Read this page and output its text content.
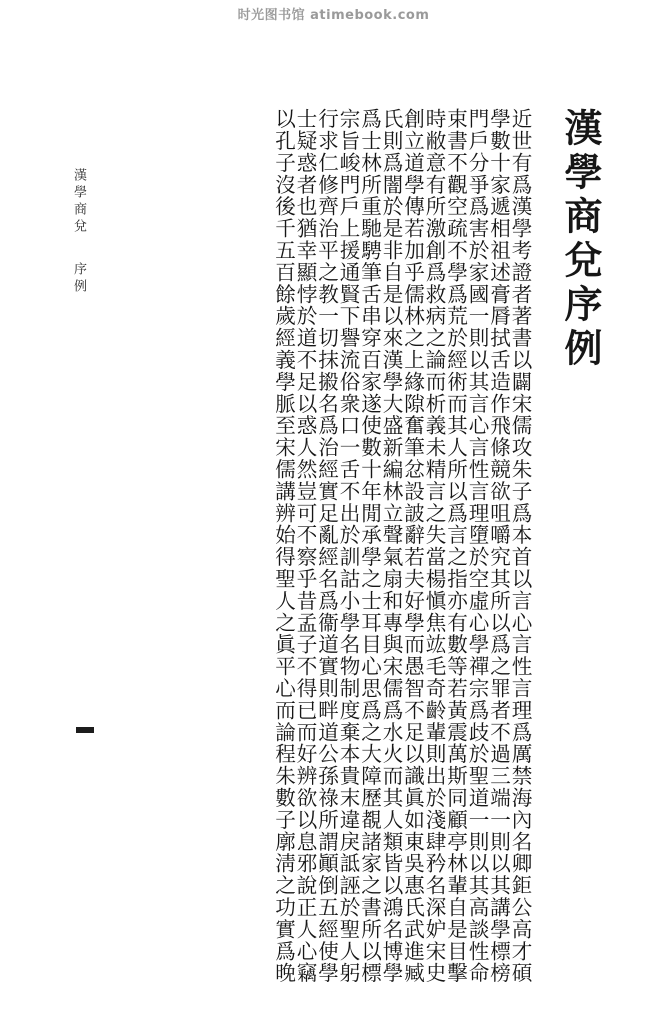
时光图书馆 atimebook.com
漢學商兌序例
近世有爲漢學考證者著書以闢宋儒攻朱子爲本首以言心言性言理爲厲禁海內名卿鉅公高才碩
學數十家遞相祖述膏脣拭舌造作飛條競欲咀嚼究其所以爲之罪者不過三端一則以其講學標榜
門戶分爭爲害於家國一則以其言心言性言理墮於空虛心學禪宗爲歧於聖道一則以其高談性命
束書不觀空疏不學爲荒於經術而其人所以爲言之指亦有數等若黃震萬斯同顧亭林輩自是目擊
時敝意有所激創爲救病之論而析義未精言之失當楊愼焦竑毛奇齡輩則出於淺肆矜名深妒宋史
創立道學傳若加乎儒林之上緣隙奮筆忿設詖辭若夫好學而愚智不足以識眞如東吳惠氏武進臧
氏則爲闇於是非自是以來漢學大盛新編林立聲氣扇和專與宋儒爲水火而其人類皆以鴻名博學
爲士林所重馳騁筆舌串穿百家遂使數十年閒承學之士耳目心思爲之大障歷覩諸家之書所以標
宗旨峻門戶上援通賢下譽流俗衆口一舌不出於訓詁小學名物制度棄本貴末違戾詆誣於聖人躬
行求仁修齊治平之教一切抹摋名爲治經實足亂經名爲衞道實則畔道公孫祿所謂顚倒五經使學
士疑惑者也猶幸顯悖於道不足以惑人然豈可不察乎昔孟子不得已而好辨欲以息邪說正人心竊
以孔子沒後千五百餘歲經義學脈至宋儒講辨始得聖人之眞平心而論程朱數子廓淸之功實爲晚
漢學商兌序例
